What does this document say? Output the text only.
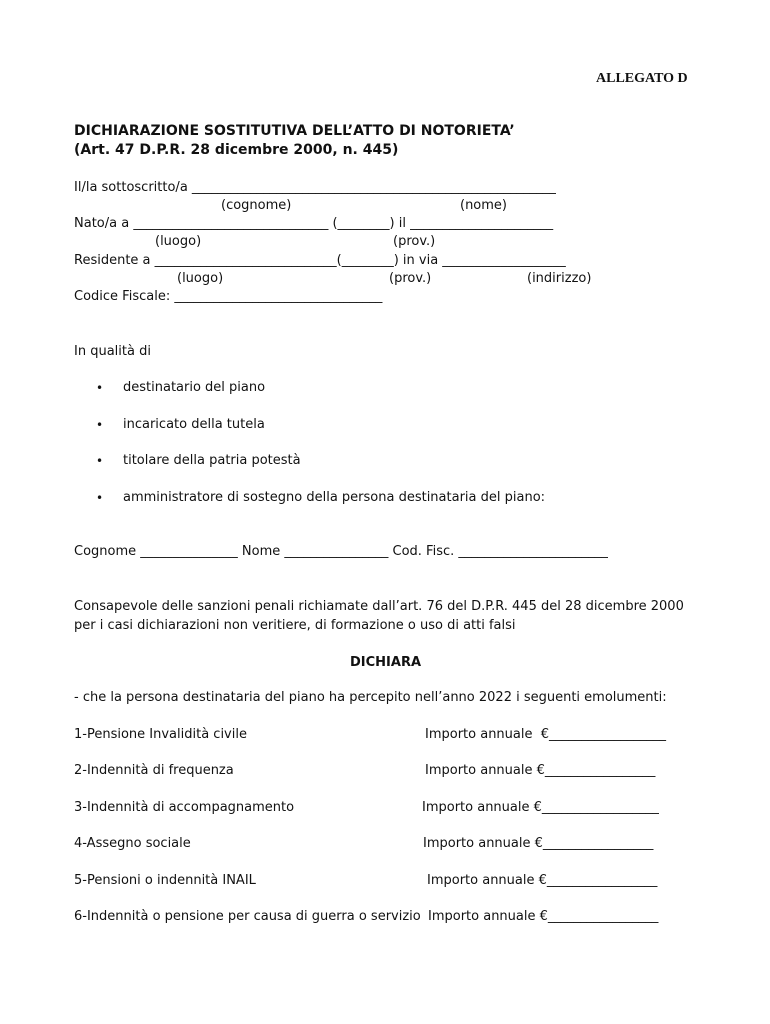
ALLEGATO D
DICHIARAZIONE SOSTITUTIVA DELL’ATTO DI NOTORIETA’
(Art. 47 D.P.R. 28 dicembre 2000, n. 445)
Il/la sottoscritto/a ________________________________________________________
(cognome)	(nome)
Nato/a a ______________________________ (________) il ______________________
(luogo)	(prov.)
Residente a ____________________________(________) in via ___________________
(luogo)	(prov.)	(indirizzo)
Codice Fiscale: ________________________________
In qualità di
• destinatario del piano
• incaricato della tutela
• titolare della patria potestà
• amministratore di sostegno della persona destinataria del piano:
Cognome _______________ Nome ________________ Cod. Fisc. _______________________
Consapevole delle sanzioni penali richiamate dall’art. 76 del D.P.R. 445 del 28 dicembre 2000
per i casi dichiarazioni non veritiere, di formazione o uso di atti falsi
DICHIARA
- che la persona destinataria del piano ha percepito nell’anno 2022 i seguenti emolumenti:
1-Pensione Invalidità civile	Importo annuale  €__________________
2-Indennità di frequenza	Importo annuale €_________________
3-Indennità di accompagnamento	Importo annuale €__________________
4-Assegno sociale	Importo annuale €_________________
5-Pensioni o indennità INAIL	Importo annuale €_________________
6-Indennità o pensione per causa di guerra o servizio Importo annuale €_________________
